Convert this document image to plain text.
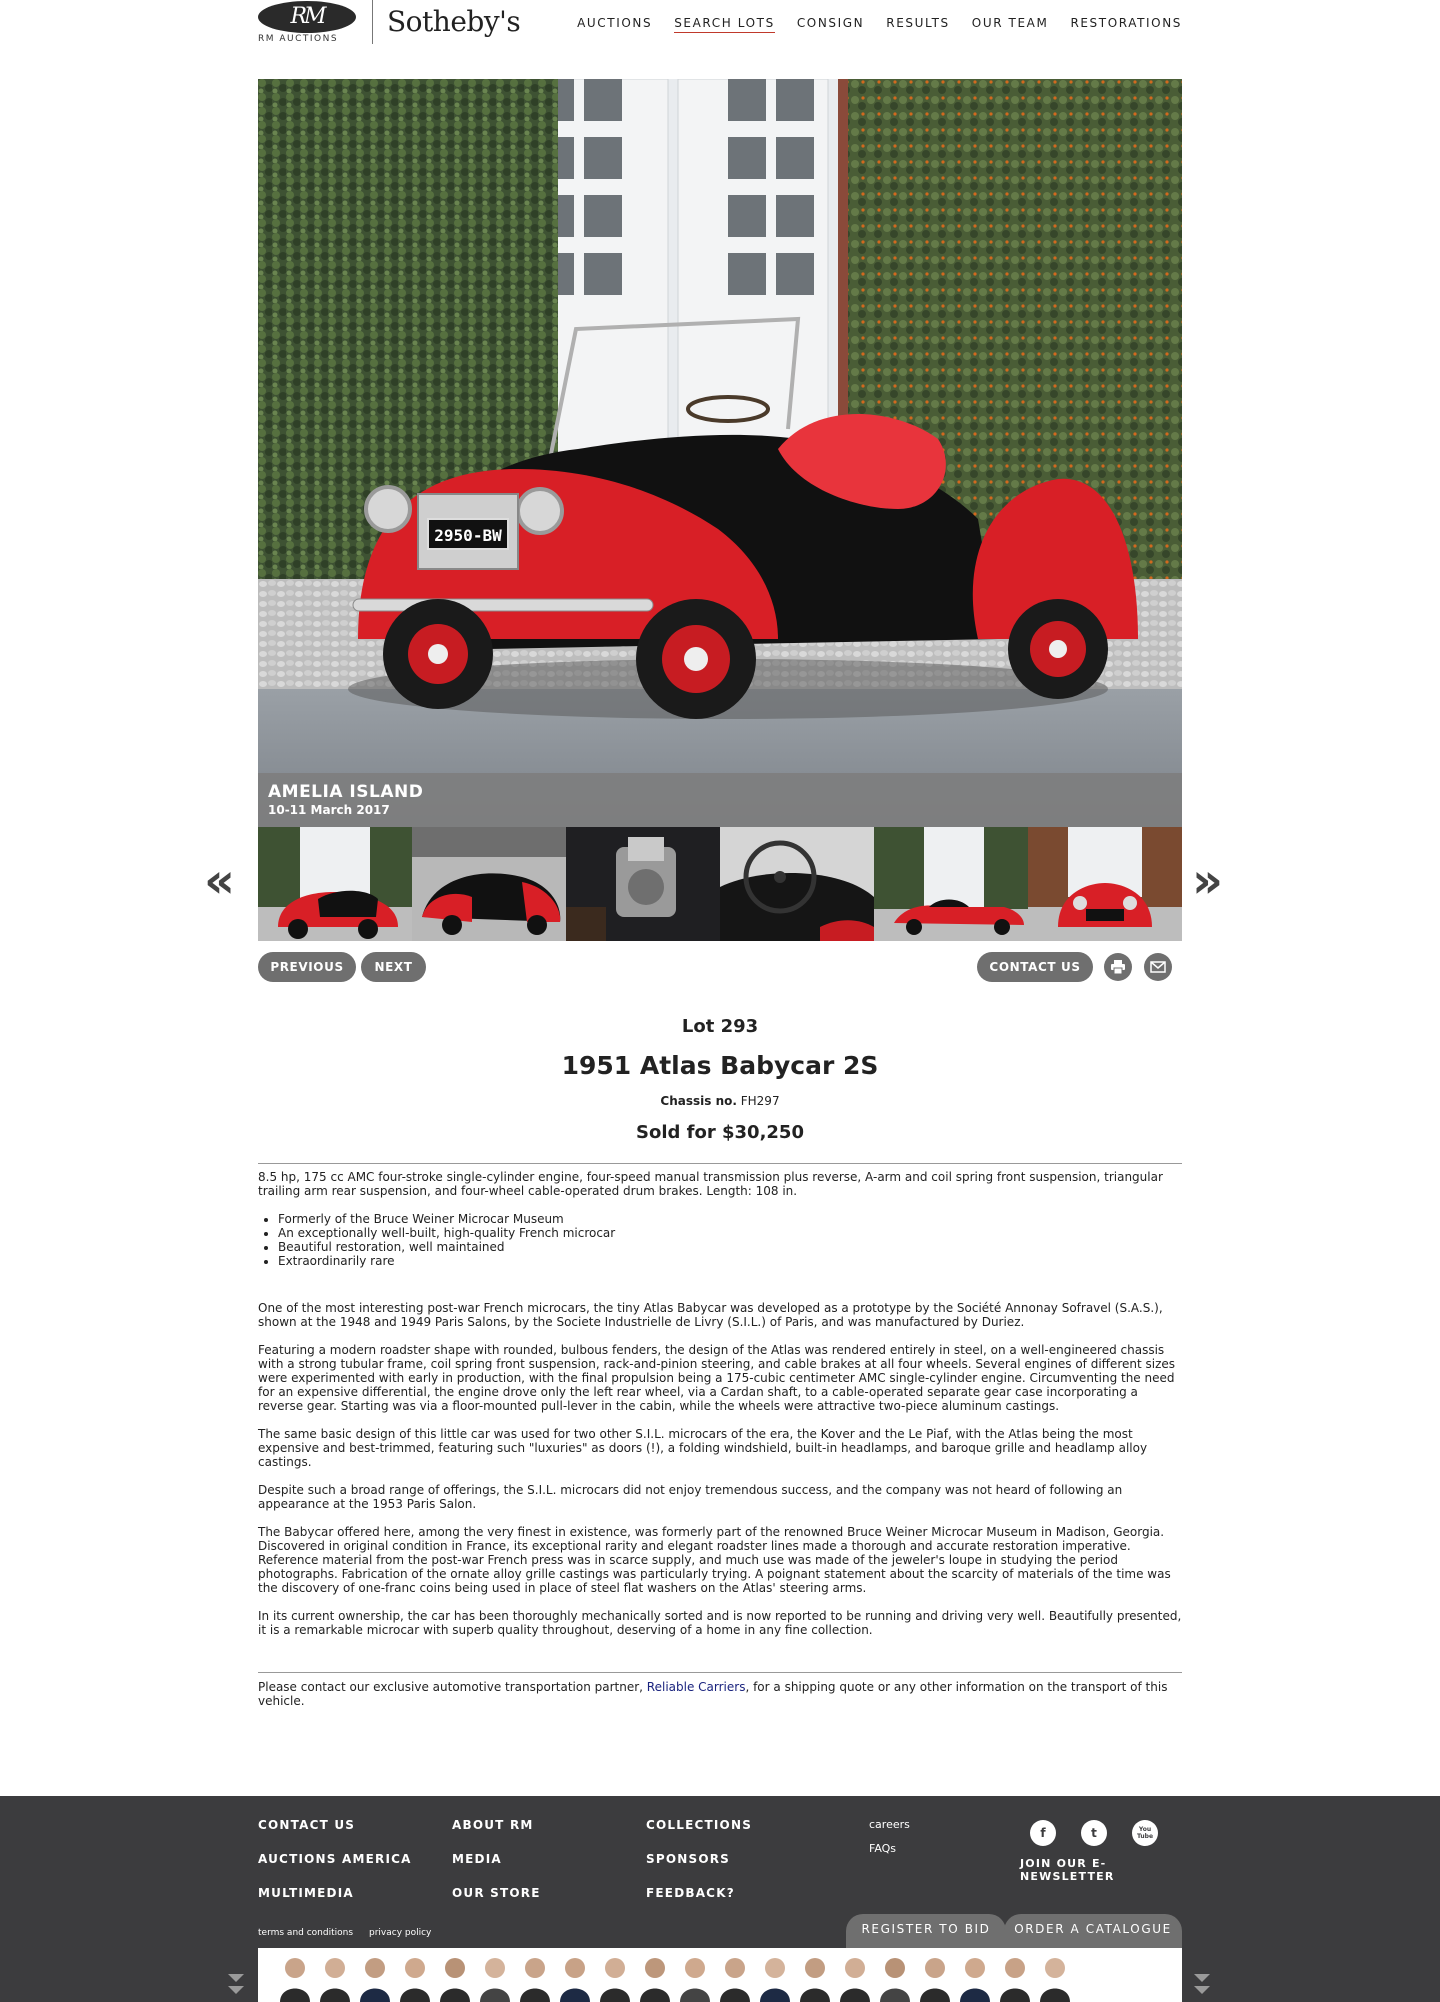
RM
RM AUCTIONS
Sotheby's	AUCTIONS SEARCH LOTS CONSIGN RESULTS OUR TEAM RESTORATIONS
2950-BW
AMELIA ISLAND
10-11 March 2017
«	»
PREVIOUS	NEXT	CONTACT US
Lot 293
1951 Atlas Babycar 2S
Chassis no. FH297
Sold for $30,250
8.5 hp, 175 cc AMC four-stroke single-cylinder engine, four-speed manual transmission plus reverse, A-arm and coil spring front suspension, triangular trailing arm rear suspension, and four-wheel cable-operated drum brakes. Length: 108 in.
• Formerly of the Bruce Weiner Microcar Museum
• An exceptionally well-built, high-quality French microcar
• Beautiful restoration, well maintained
• Extraordinarily rare

One of the most interesting post-war French microcars, the tiny Atlas Babycar was developed as a prototype by the Société Annonay Sofravel (S.A.S.), shown at the 1948 and 1949 Paris Salons, by the Societe Industrielle de Livry (S.I.L.) of Paris, and was manufactured by Duriez.

Featuring a modern roadster shape with rounded, bulbous fenders, the design of the Atlas was rendered entirely in steel, on a well-engineered chassis with a strong tubular frame, coil spring front suspension, rack-and-pinion steering, and cable brakes at all four wheels. Several engines of different sizes were experimented with early in production, with the final propulsion being a 175-cubic centimeter AMC single-cylinder engine. Circumventing the need for an expensive differential, the engine drove only the left rear wheel, via a Cardan shaft, to a cable-operated separate gear case incorporating a reverse gear. Starting was via a floor-mounted pull-lever in the cabin, while the wheels were attractive two-piece aluminum castings.

The same basic design of this little car was used for two other S.I.L. microcars of the era, the Kover and the Le Piaf, with the Atlas being the most expensive and best-trimmed, featuring such "luxuries" as doors (!), a folding windshield, built-in headlamps, and baroque grille and headlamp alloy castings.

Despite such a broad range of offerings, the S.I.L. microcars did not enjoy tremendous success, and the company was not heard of following an appearance at the 1953 Paris Salon.

The Babycar offered here, among the very finest in existence, was formerly part of the renowned Bruce Weiner Microcar Museum in Madison, Georgia. Discovered in original condition in France, its exceptional rarity and elegant roadster lines made a thorough and accurate restoration imperative. Reference material from the post-war French press was in scarce supply, and much use was made of the jeweler's loupe in studying the period photographs. Fabrication of the ornate alloy grille castings was particularly trying. A poignant statement about the scarcity of materials of the time was the discovery of one-franc coins being used in place of steel flat washers on the Atlas' steering arms.

In its current ownership, the car has been thoroughly mechanically sorted and is now reported to be running and driving very well. Beautifully presented, it is a remarkable microcar with superb quality throughout, deserving of a home in any fine collection.

Please contact our exclusive automotive transportation partner, Reliable Carriers, for a shipping quote or any other information on the transport of this vehicle.
CONTACT US
AUCTIONS AMERICA
MULTIMEDIA
ABOUT RM
MEDIA
OUR STORE
COLLECTIONS
SPONSORS
FEEDBACK?
careers
FAQs
f	t	You Tube
JOIN OUR E-
NEWSLETTER
terms and conditions privacy policy	REGISTER TO BID	ORDER A CATALOGUE
